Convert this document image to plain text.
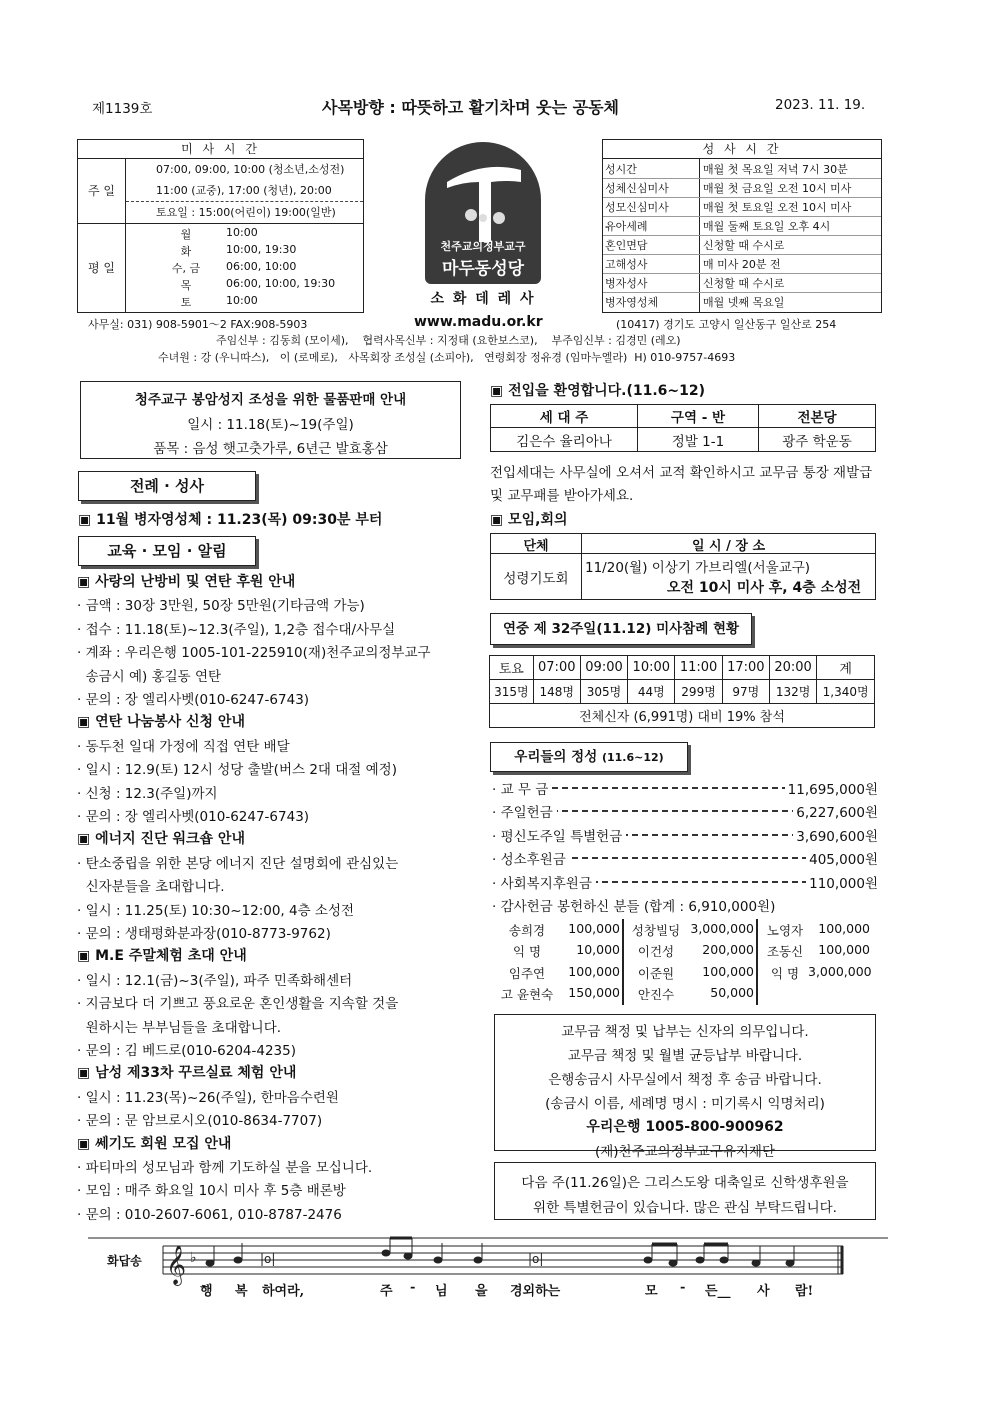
제1139호	사목방향 : 따뜻하고 활기차며 웃는 공동체	2023. 11. 19.
미 사 시 간
주 일
07:00, 09:00, 10:00 (청소년,소성전)
11:00 (교중), 17:00 (청년), 20:00
토요일 : 15:00(어린이) 19:00(일반)
평 일
월	10:00
화	10:00, 19:30
수, 금	06:00, 10:00
목	06:00, 10:00, 19:30
토	10:00
천주교의정부교구
마두동성당
소 화 데 레 사
성 사 시 간
성시간	매월 첫 목요일 저녁 7시 30분
성체신심미사	매월 첫 금요일 오전 10시 미사
성모신심미사	매월 첫 토요일 오전 10시 미사
유아세례	매월 둘째 토요일 오후 4시
혼인면담	신청할 때 수시로
고해성사	매 미사 20분 전
병자성사	신청할 때 수시로
병자영성체	매월 넷째 목요일
사무실: 031) 908-5901～2 FAX:908-5903	www.madu.or.kr	(10417) 경기도 고양시 일산동구 일산로 254
주임신부 : 김동희 (모이세),    협력사목신부 : 지정태 (요한보스코),    부주임신부 : 김경민 (레오)
수녀원 : 강 (우니따스),   이 (로메로),   사목회장 조성실 (소피아),   연령회장 정유경 (임마누엘라)  H) 010-9757-4693
청주교구 봉암성지 조성을 위한 물품판매 안내
일시 : 11.18(토)~19(주일)
품목 : 음성 햇고춧가루, 6년근 발효홍삼
전례 · 성사
▣ 11월 병자영성체 : 11.23(목) 09:30분 부터
교육 · 모임 · 알림
▣ 사랑의 난방비 및 연탄 후원 안내
· 금액 : 30장 3만원, 50장 5만원(기타금액 가능)
· 접수 : 11.18(토)~12.3(주일), 1,2층 접수대/사무실
· 계좌 : 우리은행 1005-101-225910(재)천주교의정부교구
송금시 예) 홍길동 연탄
· 문의 : 장 엘리사벳(010-6247-6743)
▣ 연탄 나눔봉사 신청 안내
· 동두천 일대 가정에 직접 연탄 배달
· 일시 : 12.9(토) 12시 성당 출발(버스 2대 대절 예정)
· 신청 : 12.3(주일)까지
· 문의 : 장 엘리사벳(010-6247-6743)
▣ 에너지 진단 워크숍 안내
· 탄소중립을 위한 본당 에너지 진단 설명회에 관심있는
신자분들을 초대합니다.
· 일시 : 11.25(토) 10:30~12:00, 4층 소성전
· 문의 : 생태평화분과장(010-8773-9762)
▣ M.E 주말체험 초대 안내
· 일시 : 12.1(금)~3(주일), 파주 민족화해센터
· 지금보다 더 기쁘고 풍요로운 혼인생활을 지속할 것을
원하시는 부부님들을 초대합니다.
· 문의 : 김 베드로(010-6204-4235)
▣ 남성 제33차 꾸르실료 체험 안내
· 일시 : 11.23(목)~26(주일), 한마음수련원
· 문의 : 문 암브로시오(010-8634-7707)
▣ 쎄기도 회원 모집 안내
· 파티마의 성모님과 함께 기도하실 분을 모십니다.
· 모임 : 매주 화요일 10시 미사 후 5층 배론방
· 문의 : 010-2607-6061, 010-8787-2476
▣ 전입을 환영합니다.(11.6~12)
세 대 주	구역 - 반	전본당
김은수 율리아나	정발 1-1	광주 학운동
전입세대는 사무실에 오셔서 교적 확인하시고 교무금 통장 재발급
및 교무패를 받아가세요.
▣ 모임,회의
단체	일 시 / 장 소
성령기도회
11/20(월) 이상기 가브리엘(서울교구)
오전 10시 미사 후, 4층 소성전
연중 제 32주일(11.12) 미사참례 현황
토요	07:00	09:00	10:00	11:00	17:00	20:00	계
315명	148명	305명	44명	299명	97명	132명	1,340명
전체신자 (6,991명) 대비 19% 참석							
우리들의 정성 (11.6~12)
· 교 무 금	11,695,000원
· 주일헌금	6,227,600원
· 평신도주일 특별헌금	3,690,600원
· 성소후원금	405,000원
· 사회복지후원금	110,000원
· 감사헌금 봉헌하신 분들 (합계 : 6,910,000원)
송희경	100,000 성창빌딩 3,000,000	노영자	100,000
익 명	10,000	이건성	200,000	조동신	100,000
임주연	100,000	이준원	100,000	익 명 3,000,000
고 윤현숙	150,000	안진수	50,000
교무금 책정 및 납부는 신자의 의무입니다.
교무금 책정 및 월별 균등납부 바랍니다.
은행송금시 사무실에서 책정 후 송금 바랍니다.
(송금시 이름, 세례명 명시 : 미기록시 익명처리)
우리은행 1005-800-900962
(재)천주교의정부교구유지재단
다음 주(11.26일)은 그리스도왕 대축일로 신학생후원을
위한 특별헌금이 있습니다. 많은 관심 부탁드립니다.
화답송 𝄞 ♭	|o|	|o|
행 복 하여라,	주 - 님 을 경외하는	모 - 든__ 사 람!
